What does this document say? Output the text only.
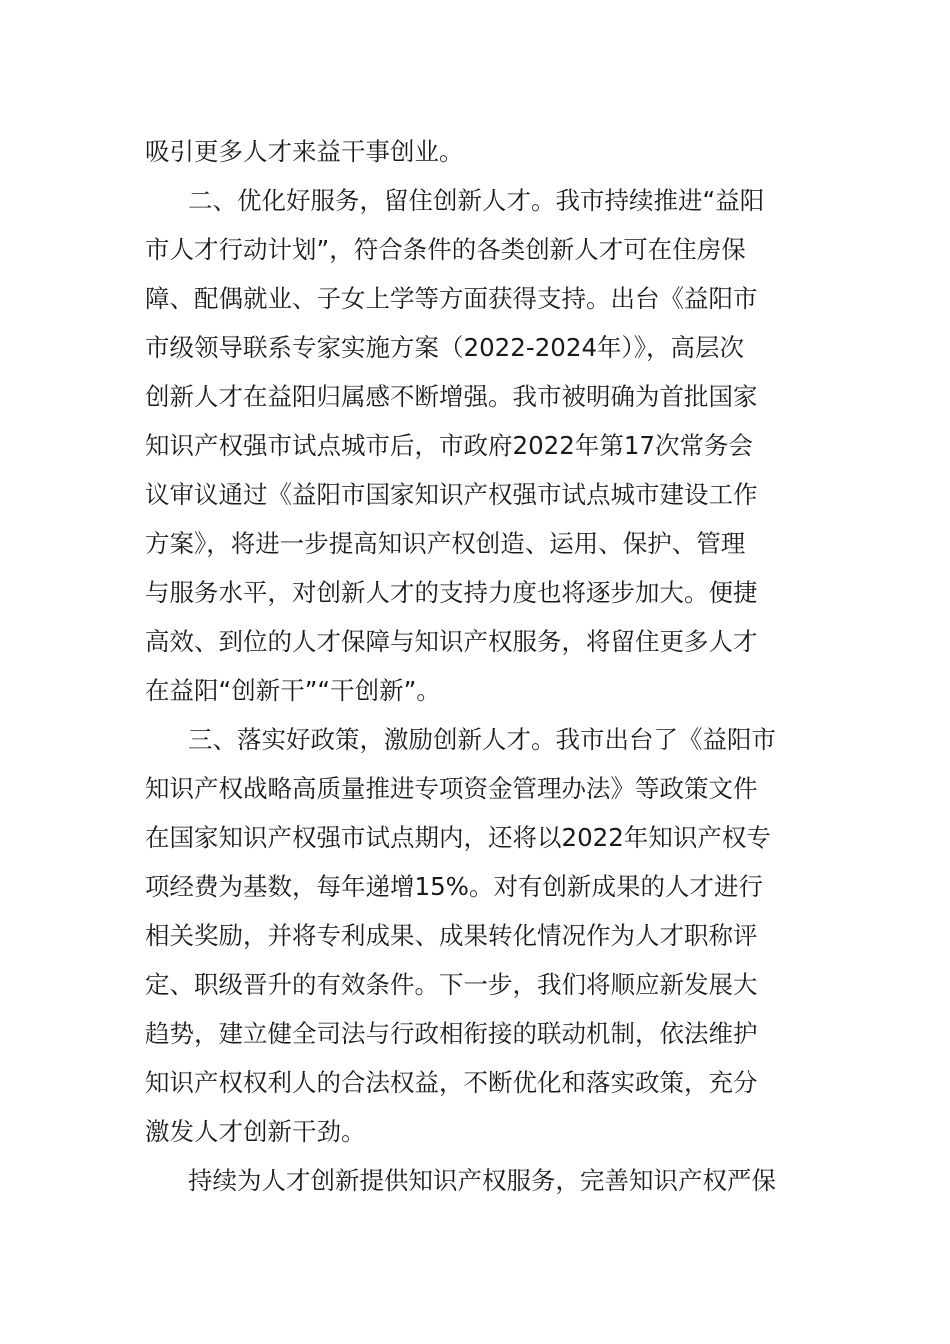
吸引更多人才来益干事创业。
二、优化好服务，留住创新人才。我市持续推进“益阳
市人才行动计划”，符合条件的各类创新人才可在住房保
障、配偶就业、子女上学等方面获得支持。出台《益阳市
市级领导联系专家实施方案（2022-2024年）》，高层次
创新人才在益阳归属感不断增强。我市被明确为首批国家
知识产权强市试点城市后，市政府2022年第17次常务会
议审议通过《益阳市国家知识产权强市试点城市建设工作
方案》，将进一步提高知识产权创造、运用、保护、管理
与服务水平，对创新人才的支持力度也将逐步加大。便捷
高效、到位的人才保障与知识产权服务，将留住更多人才
在益阳“创新干”“干创新”。
三、落实好政策，激励创新人才。我市出台了《益阳市
知识产权战略高质量推进专项资金管理办法》等政策文件
在国家知识产权强市试点期内，还将以2022年知识产权专
项经费为基数，每年递增15%。对有创新成果的人才进行
相关奖励，并将专利成果、成果转化情况作为人才职称评
定、职级晋升的有效条件。下一步，我们将顺应新发展大
趋势，建立健全司法与行政相衔接的联动机制，依法维护
知识产权权利人的合法权益，不断优化和落实政策，充分
激发人才创新干劲。
持续为人才创新提供知识产权服务，完善知识产权严保
